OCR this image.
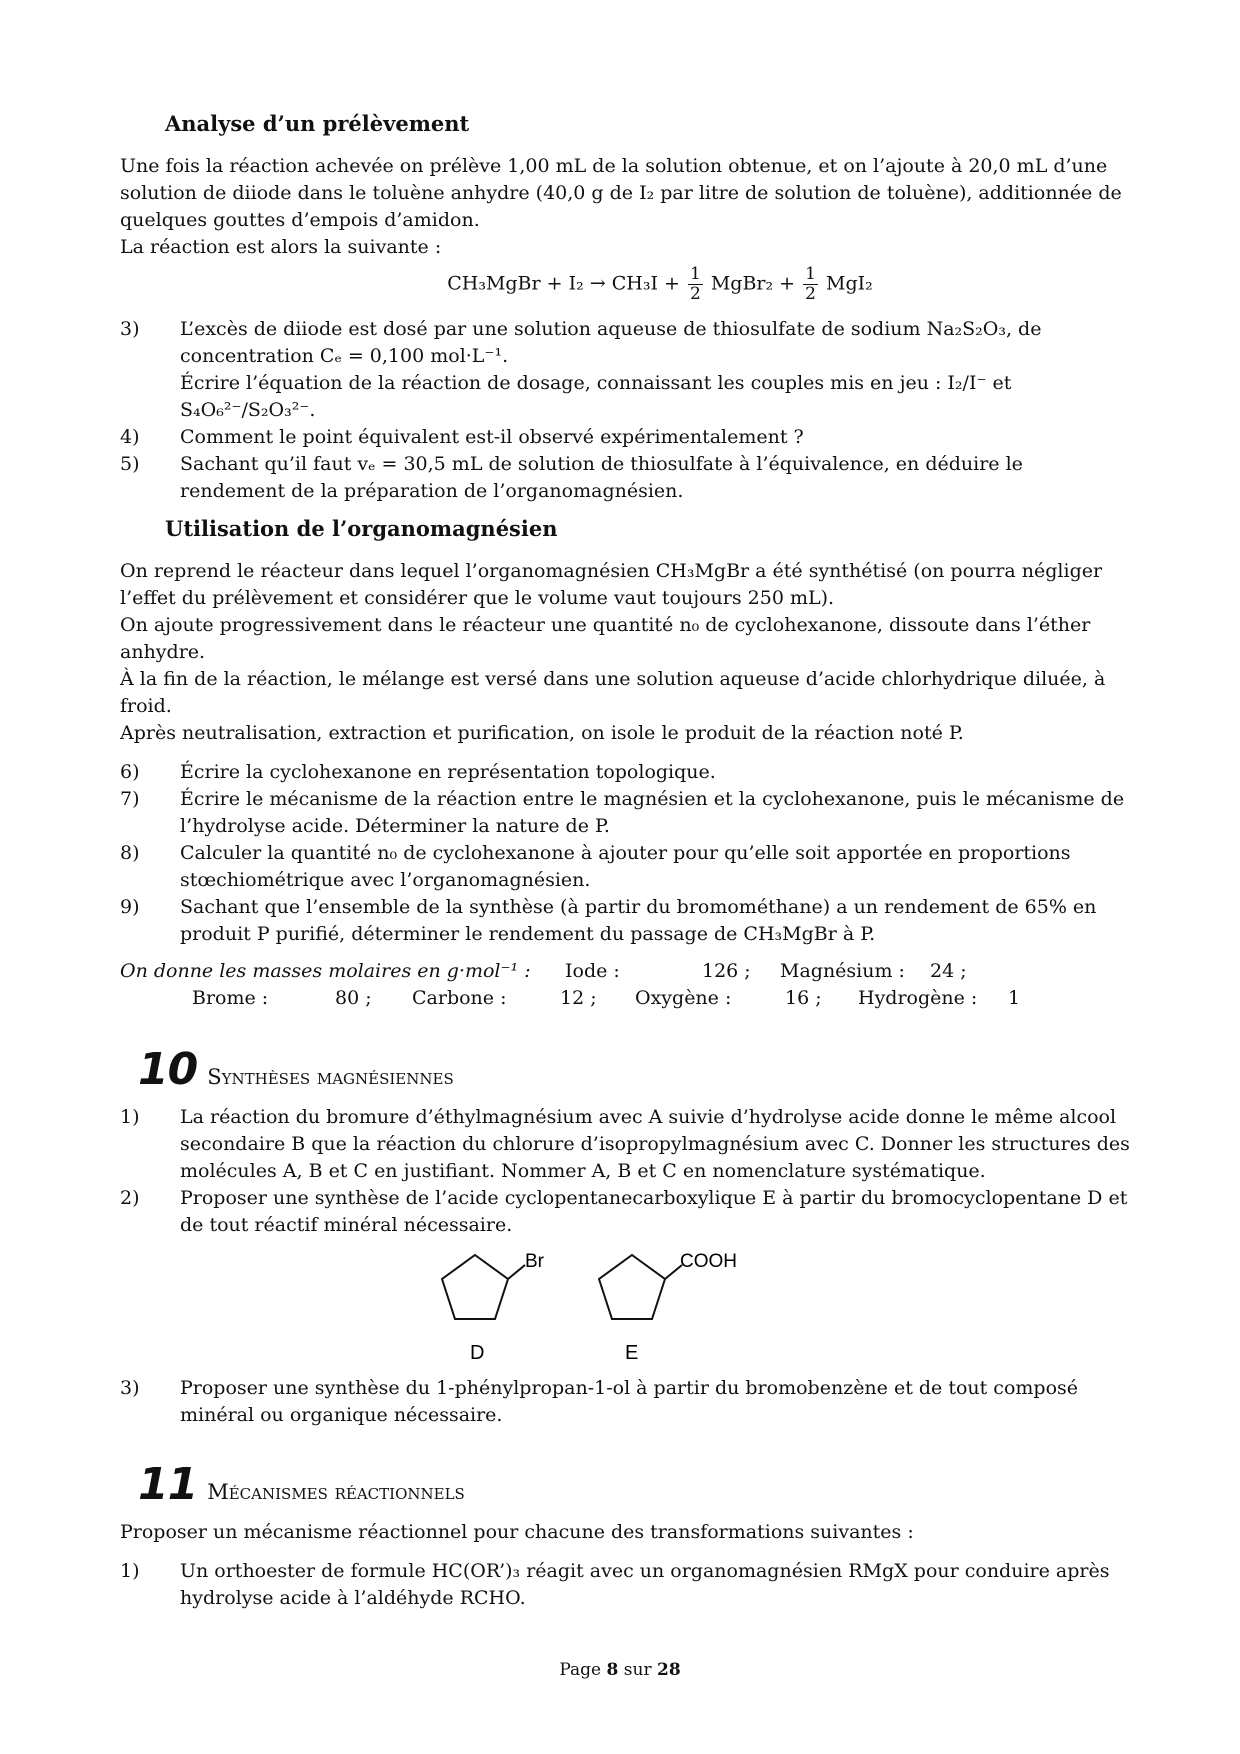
Analyse d’un prélèvement

Une fois la réaction achevée on prélève 1,00 mL de la solution obtenue, et on l’ajoute à 20,0 mL d’une solution de diiode dans le toluène anhydre (40,0 g de I₂ par litre de solution de toluène), additionnée de quelques gouttes d’empois d’amidon.

La réaction est alors la suivante :

CH₃MgBr + $I_2 \to CH_3I + \frac{1}{2}$ MgBr₂ + $\frac{1}{2} MgI_2$
3) L’excès de diiode est dosé par une solution aqueuse de thiosulfate de sodium Na₂S₂O₃, de concentration Cₑ = 0,100 mol·L⁻¹.
Écrire l’équation de la réaction de dosage, connaissant les couples mis en jeu : I₂/I⁻ et S₄O₆²⁻/S₂O₃²⁻.
4) Comment le point équivalent est-il observé expérimentalement ?
5) Sachant qu’il faut vₑ = 30,5 mL de solution de thiosulfate à l’équivalence, en déduire le rendement de la préparation de l’organomagnésien.
Utilisation de l’organomagnésien

On reprend le réacteur dans lequel l’organomagnésien CH₃MgBr a été synthétisé (on pourra négliger l’effet du prélèvement et considérer que le volume vaut toujours 250 mL).

On ajoute progressivement dans le réacteur une quantité n₀ de cyclohexanone, dissoute dans l’éther anhydre.

À la fin de la réaction, le mélange est versé dans une solution aqueuse d’acide chlorhydrique diluée, à froid.

Après neutralisation, extraction et purification, on isole le produit de la réaction noté P.

6) Écrire la cyclohexanone en représentation topologique.
7) Écrire le mécanisme de la réaction entre le magnésien et la cyclohexanone, puis le mécanisme de l’hydrolyse acide. Déterminer la nature de P.
8) Calculer la quantité n₀ de cyclohexanone à ajouter pour qu’elle soit apportée en proportions stœchiométrique avec l’organomagnésien.
9) Sachant que l’ensemble de la synthèse (à partir du bromométhane) a un rendement de 65% en produit P purifié, déterminer le rendement du passage de CH₃MgBr à P.
On donne les masses molaires en g·mol⁻¹ : Iode :	126 ; Magnésium : 24 ;
Brome :	80 ; Carbone :	12 ; Oxygène :	16 ; Hydrogène : 1
10 Synthèses magnésiennes
1) La réaction du bromure d’éthylmagnésium avec A suivie d’hydrolyse acide donne le même alcool secondaire B que la réaction du chlorure d’isopropylmagnésium avec C. Donner les structures des molécules A, B et C en justifiant. Nommer A, B et C en nomenclature systématique.
2) Proposer une synthèse de l’acide cyclopentanecarboxylique E à partir du bromocyclopentane D et de tout réactif minéral nécessaire.
Br
D
COOH
E
3) Proposer une synthèse du 1-phénylpropan-1-ol à partir du bromobenzène et de tout composé minéral ou organique nécessaire.
11 Mécanismes réactionnels

Proposer un mécanisme réactionnel pour chacune des transformations suivantes :

1) Un orthoester de formule HC(OR’)₃ réagit avec un organomagnésien RMgX pour conduire après hydrolyse acide à l’aldéhyde RCHO.
Page 8 sur 28
